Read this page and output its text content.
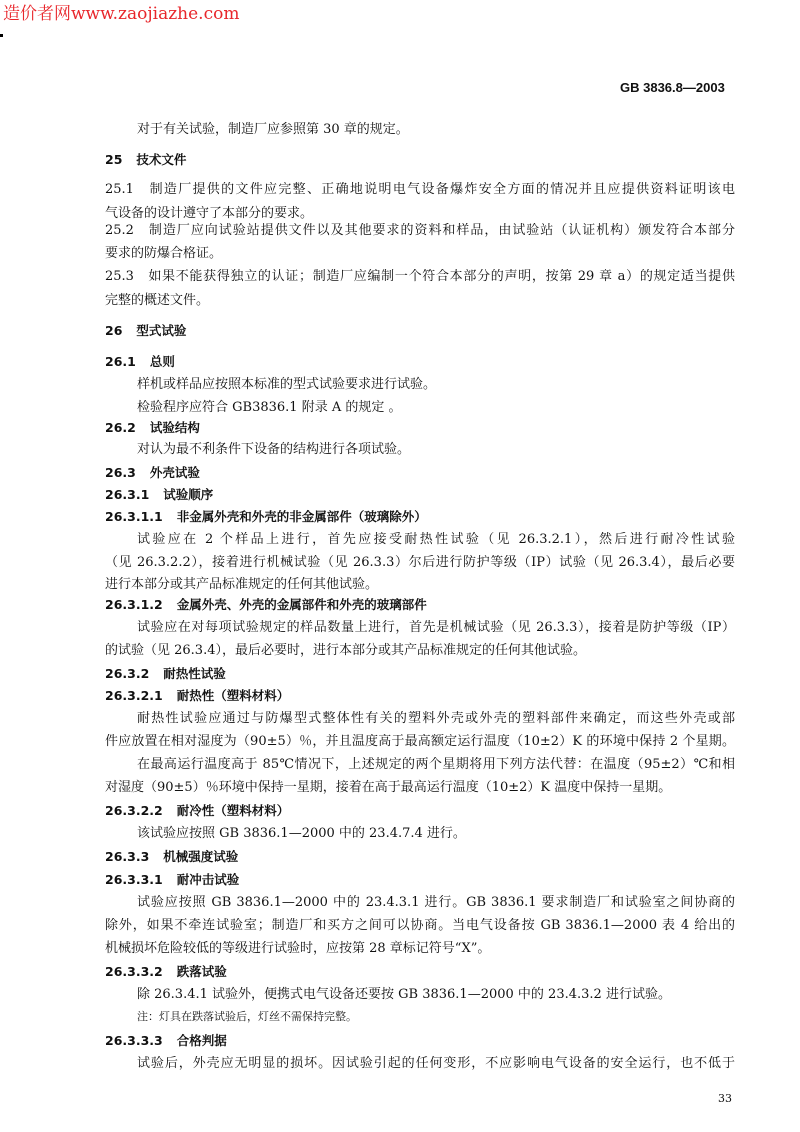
造价者网www.zaojiazhe.com
GB 3836.8—2003
对于有关试验，制造厂应参照第 30 章的规定。
25 技术文件
25.1　制造厂提供的文件应完整、正确地说明电气设备爆炸安全方面的情况并且应提供资料证明该电
气设备的设计遵守了本部分的要求。
25.2　制造厂应向试验站提供文件以及其他要求的资料和样品，由试验站（认证机构）颁发符合本部分
要求的防爆合格证。
25.3　如果不能获得独立的认证；制造厂应编制一个符合本部分的声明，按第 29 章 a）的规定适当提供
完整的概述文件。
26 型式试验
26.1 总则
样机或样品应按照本标准的型式试验要求进行试验。
检验程序应符合 GB3836.1 附录 A 的规定 。
26.2 试验结构
对认为最不利条件下设备的结构进行各项试验。
26.3 外壳试验
26.3.1 试验顺序
26.3.1.1 非金属外壳和外壳的非金属部件（玻璃除外）
试验应在 2 个样品上进行，首先应接受耐热性试验（见 26.3.2.1），然后进行耐冷性试验
（见 26.3.2.2），接着进行机械试验（见 26.3.3）尔后进行防护等级（IP）试验（见 26.3.4），最后必要
进行本部分或其产品标准规定的任何其他试验。
26.3.1.2 金属外壳、外壳的金属部件和外壳的玻璃部件
试验应在对每项试验规定的样品数量上进行，首先是机械试验（见 26.3.3），接着是防护等级（IP）
的试验（见 26.3.4），最后必要时，进行本部分或其产品标准规定的任何其他试验。
26.3.2 耐热性试验
26.3.2.1 耐热性（塑料材料）
耐热性试验应通过与防爆型式整体性有关的塑料外壳或外壳的塑料部件来确定，而这些外壳或部
件应放置在相对湿度为（90±5）％，并且温度高于最高额定运行温度（10±2）K 的环境中保持 2 个星期。
在最高运行温度高于 85℃情况下，上述规定的两个星期将用下列方法代替：在温度（95±2）℃和相
对湿度（90±5）％环境中保持一星期，接着在高于最高运行温度（10±2）K 温度中保持一星期。
26.3.2.2 耐冷性（塑料材料）
该试验应按照 GB 3836.1—2000 中的 23.4.7.4 进行。
26.3.3 机械强度试验
26.3.3.1 耐冲击试验
试验应按照 GB 3836.1—2000 中的 23.4.3.1 进行。GB 3836.1 要求制造厂和试验室之间协商的
除外，如果不牵连试验室；制造厂和买方之间可以协商。当电气设备按 GB 3836.1—2000 表 4 给出的
机械损坏危险较低的等级进行试验时，应按第 28 章标记符号“X”。
26.3.3.2 跌落试验
除 26.3.4.1 试验外，便携式电气设备还要按 GB 3836.1—2000 中的 23.4.3.2 进行试验。
注：灯具在跌落试验后，灯丝不需保持完整。
26.3.3.3 合格判据
试验后，外壳应无明显的损坏。因试验引起的任何变形，不应影响电气设备的安全运行，也不低于
33
